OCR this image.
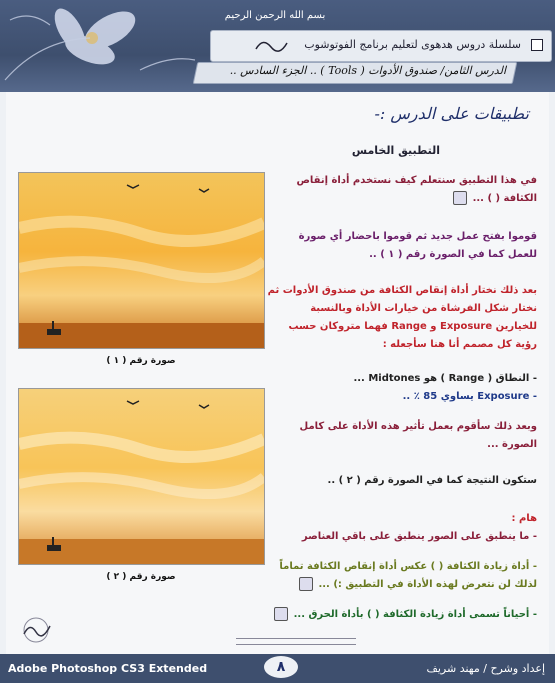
بسم الله الرحمن الرحيم
سلسلة دروس هدهوى لتعليم برنامج الفوتوشوب
الدرس الثامن/ صندوق الأدوات ( Tools ) .. الجزء السادس ..
تطبيقات على الدرس :-
التطبيق الخامس
في هذا التطبيق سنتعلم كيف نستخدم أداة إنقاص الكثافة ( ) ...
قوموا بفتح عمل جديد ثم قوموا باحضار أي صورة للعمل كما في الصورة رقم ( ١ ) ..
بعد ذلك نختار أداة إنقاص الكثافة من صندوق الأدوات ثم نختار شكل الفرشاة من خيارات الأداة وبالنسبة للخيارين Exposure و Range فهما متروكان حسب رؤية كل مصمم أنا هنا سأجعله :
- النطاق ( Range ) هو Midtones ...
- Exposure يساوي 85 ٪ ..
وبعد ذلك سأقوم بعمل تأثير هذه الأداة على كامل الصورة ...
ستكون النتيجة كما في الصورة رقم ( ٢ ) ..
هام :
- ما ينطبق على الصور ينطبق على باقي العناصر
- أداة زيادة الكثافة ( ) عكس أداة إنقاص الكثافة تماماً لذلك لن نتعرض لهذه الأداة في التطبيق :) ...
- أحياناً تسمى أداة زيادة الكثافة ( ) بأداة الحرق ...
صورة رقم ( ١ )
صورة رقم ( ٢ )
Adobe Photoshop CS3 Extended	٨	إعداد وشرح / مهند شريف
